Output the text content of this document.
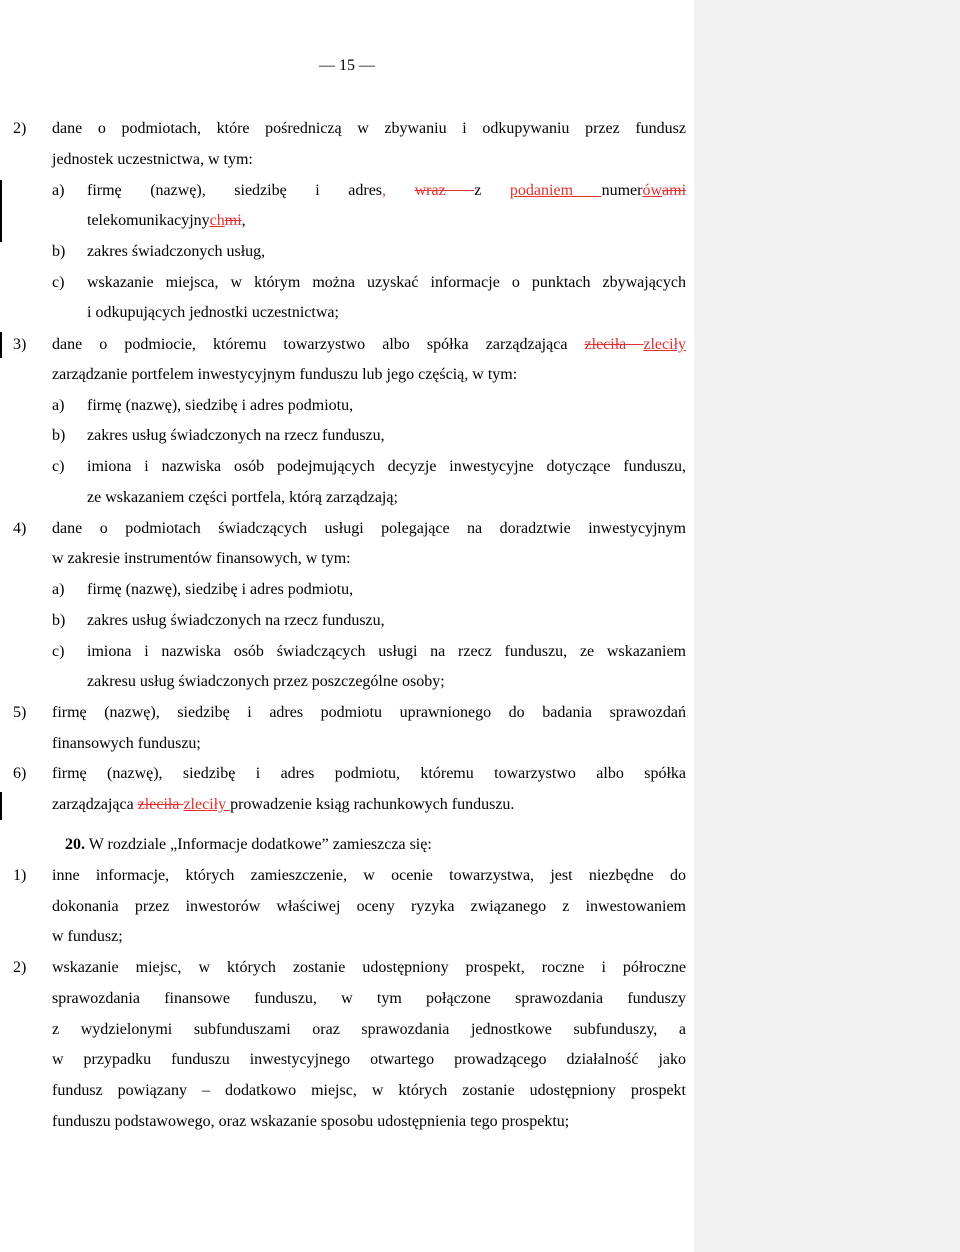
— 15 —
2) dane o podmiotach, które pośredniczą w zbywaniu i odkupywaniu przez fundusz
jednostek uczestnictwa, w tym:
a) firmę (nazwę), siedzibę i adres, wraz z podaniem numerówami
telekomunikacyjnychmi,
b) zakres świadczonych usług,
c) wskazanie miejsca, w którym można uzyskać informacje o punktach zbywających
i odkupujących jednostki uczestnictwa;
3) dane o podmiocie, któremu towarzystwo albo spółka zarządzająca zleciła zleciły
zarządzanie portfelem inwestycyjnym funduszu lub jego częścią, w tym:
a) firmę (nazwę), siedzibę i adres podmiotu,
b) zakres usług świadczonych na rzecz funduszu,
c) imiona i nazwiska osób podejmujących decyzje inwestycyjne dotyczące funduszu,
ze wskazaniem części portfela, którą zarządzają;
4) dane o podmiotach świadczących usługi polegające na doradztwie inwestycyjnym
w zakresie instrumentów finansowych, w tym:
a) firmę (nazwę), siedzibę i adres podmiotu,
b) zakres usług świadczonych na rzecz funduszu,
c) imiona i nazwiska osób świadczących usługi na rzecz funduszu, ze wskazaniem
zakresu usług świadczonych przez poszczególne osoby;
5) firmę (nazwę), siedzibę i adres podmiotu uprawnionego do badania sprawozdań
finansowych funduszu;
6) firmę (nazwę), siedzibę i adres podmiotu, któremu towarzystwo albo spółka
zarządzająca zleciła zleciły prowadzenie ksiąg rachunkowych funduszu.
20. W rozdziale „Informacje dodatkowe” zamieszcza się:
1) inne informacje, których zamieszczenie, w ocenie towarzystwa, jest niezbędne do
dokonania przez inwestorów właściwej oceny ryzyka związanego z inwestowaniem
w fundusz;
2) wskazanie miejsc, w których zostanie udostępniony prospekt, roczne i półroczne
sprawozdania finansowe funduszu, w tym połączone sprawozdania funduszy
z wydzielonymi subfunduszami oraz sprawozdania jednostkowe subfunduszy, a
w przypadku funduszu inwestycyjnego otwartego prowadzącego działalność jako
fundusz powiązany – dodatkowo miejsc, w których zostanie udostępniony prospekt
funduszu podstawowego, oraz wskazanie sposobu udostępnienia tego prospektu;
